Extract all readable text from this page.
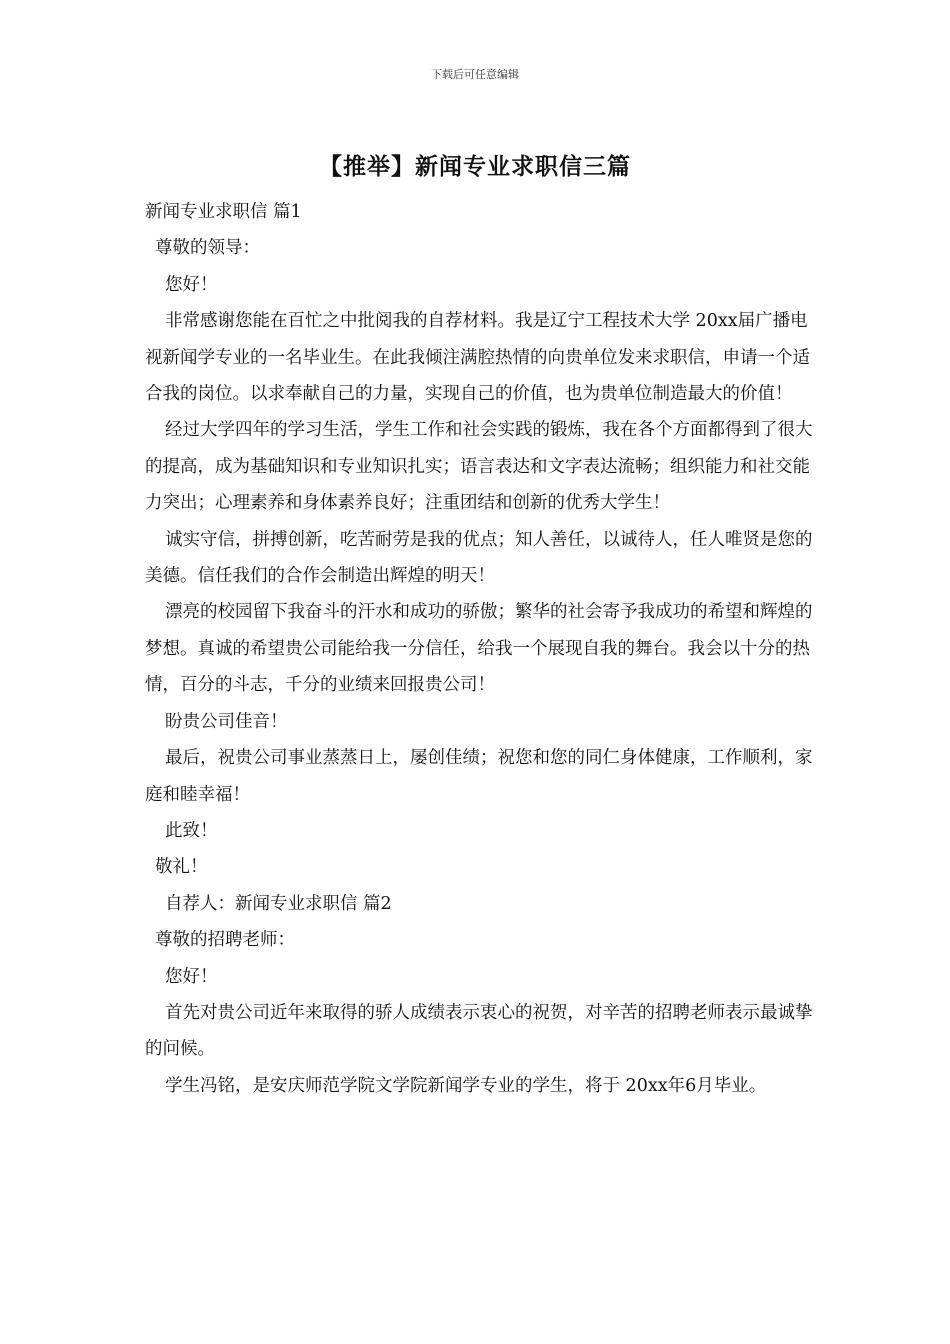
下载后可任意编辑
【推举】新闻专业求职信三篇

新闻专业求职信 篇1

尊敬的领导：

您好！

非常感谢您能在百忙之中批阅我的自荐材料。我是辽宁工程技术大学 20xx届广播电视新闻学专业的一名毕业生。在此我倾注满腔热情的向贵单位发来求职信，申请一个适合我的岗位。以求奉献自己的力量，实现自己的价值，也为贵单位制造最大的价值！

经过大学四年的学习生活，学生工作和社会实践的锻炼，我在各个方面都得到了很大的提高，成为基础知识和专业知识扎实；语言表达和文字表达流畅；组织能力和社交能力突出；心理素养和身体素养良好；注重团结和创新的优秀大学生！

诚实守信，拼搏创新，吃苦耐劳是我的优点；知人善任，以诚待人，任人唯贤是您的美德。信任我们的合作会制造出辉煌的明天！

漂亮的校园留下我奋斗的汗水和成功的骄傲；繁华的社会寄予我成功的希望和辉煌的梦想。真诚的希望贵公司能给我一分信任，给我一个展现自我的舞台。我会以十分的热情，百分的斗志，千分的业绩来回报贵公司！

盼贵公司佳音！

最后，祝贵公司事业蒸蒸日上，屡创佳绩；祝您和您的同仁身体健康，工作顺利，家庭和睦幸福！

此致！

敬礼！

自荐人：新闻专业求职信 篇2

尊敬的招聘老师：

您好！

首先对贵公司近年来取得的骄人成绩表示衷心的祝贺，对辛苦的招聘老师表示最诚挚的问候。

学生冯铭，是安庆师范学院文学院新闻学专业的学生，将于 20xx年6月毕业。
